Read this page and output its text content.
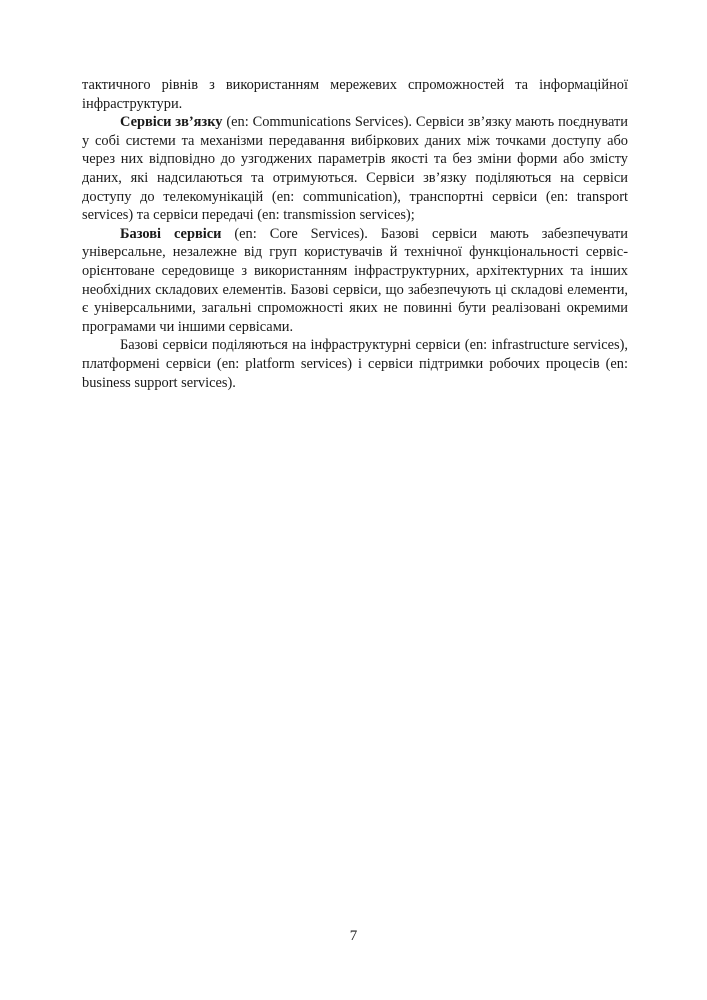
тактичного рівнів з використанням мережевих спроможностей та інформаційної інфраструктури.

Сервіси зв’язку (en: Communications Services). Сервіси зв’язку мають поєднувати у собі системи та механізми передавання вибіркових даних між точками доступу або через них відповідно до узгоджених параметрів якості та без зміни форми або змісту даних, які надсилаються та отримуються. Сервіси зв’язку поділяються на сервіси доступу до телекомунікацій (en: communication), транспортні сервіси (en: transport services) та сервіси передачі (en: transmission services);

Базові сервіси (en: Core Services). Базові сервіси мають забезпечувати універсальне, незалежне від груп користувачів й технічної функціональності сервіс-орієнтоване середовище з використанням інфраструктурних, архітектурних та інших необхідних складових елементів. Базові сервіси, що забезпечують ці складові елементи, є універсальними, загальні спроможності яких не повинні бути реалізовані окремими програмами чи іншими сервісами.

Базові сервіси поділяються на інфраструктурні сервіси (en: infrastructure services), платформені сервіси (en: platform services) і сервіси підтримки робочих процесів (en: business support services).

7
